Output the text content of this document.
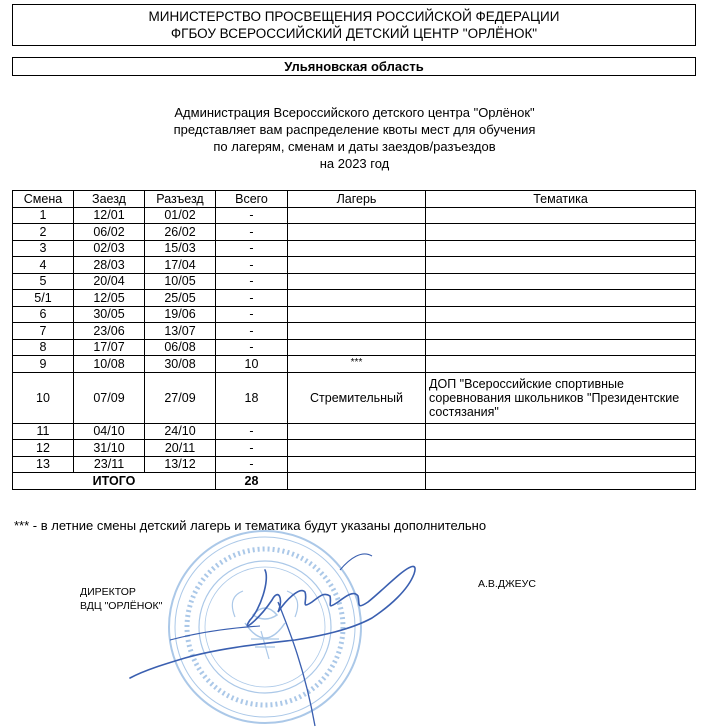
МИНИСТЕРСТВО ПРОСВЕЩЕНИЯ РОССИЙСКОЙ ФЕДЕРАЦИИ
ФГБОУ ВСЕРОССИЙСКИЙ ДЕТСКИЙ ЦЕНТР "ОРЛЁНОК"
Ульяновская область
Администрация Всероссийского детского центра "Орлёнок"
представляет вам распределение квоты мест для обучения
по лагерям, сменам и даты заездов/разъездов
на 2023 год
Смена	Заезд	Разъезд	Всего	Лагерь	Тематика
1	12/01	01/02	-		
2	06/02	26/02	-		
3	02/03	15/03	-		
4	28/03	17/04	-		
5	20/04	10/05	-		
5/1	12/05	25/05	-		
6	30/05	19/06	-		
7	23/06	13/07	-		
8	17/07	06/08	-		
9	10/08	30/08	10	***	
10	07/09	27/09	18	Стремительный	ДОП "Всероссийские спортивные соревнования школьников "Президентские состязания"
11	04/10	24/10	-		
12	31/10	20/11	-		
13	23/11	13/12	-		
ИТОГО			28		
*** - в летние смены детский лагерь и тематика будут указаны дополнительно
ДИРЕКТОР
ВДЦ "ОРЛЁНОК"
А.В.ДЖЕУС
